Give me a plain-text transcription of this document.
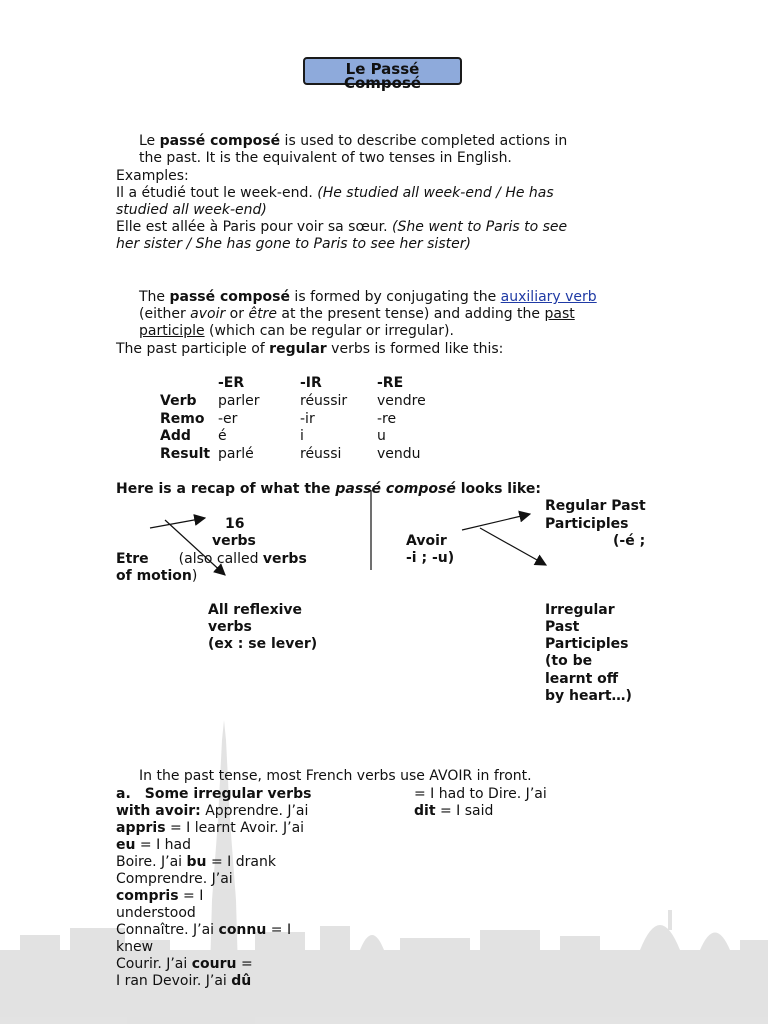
Le Passé
Composé
Le passé composé is used to describe completed actions in
the past. It is the equivalent of two tenses in English.
Examples:
Il a étudié tout le week-end. (He studied all week-end / He has
studied all week-end)
Elle est allée à Paris pour voir sa sœur. (She went to Paris to see
her sister / She has gone to Paris to see her sister)
The passé composé is formed by conjugating the auxiliary verb
(either avoir or être at the present tense) and adding the past
participle (which can be regular or irregular).
The past participle of regular verbs is formed like this:
-ER	-IR	-RE
Verb parler	réussir vendre
Remo -er	-ir	-re
Add é	i	u
Result parlé	réussi	vendu
Here is a recap of what the passé composé looks like:
16
verbs
Etre (also called verbs
of motion)
All reflexive
verbs
(ex : se lever)
Avoir
-i ; -u)
Regular Past
Participles
(-é ;
Irregular
Past
Participles
(to be
learnt off
by heart…)
In the past tense, most French verbs use AVOIR in front.
a. Some irregular verbs
with avoir: Apprendre. J’ai
appris = I learnt Avoir. J’ai
eu = I had
Boire. J’ai bu = I drank
Comprendre. J’ai
compris = I
understood
Connaître. J’ai connu = I
knew
Courir. J’ai couru =
I ran Devoir. J’ai dû
= I had to Dire. J’ai
dit = I said
